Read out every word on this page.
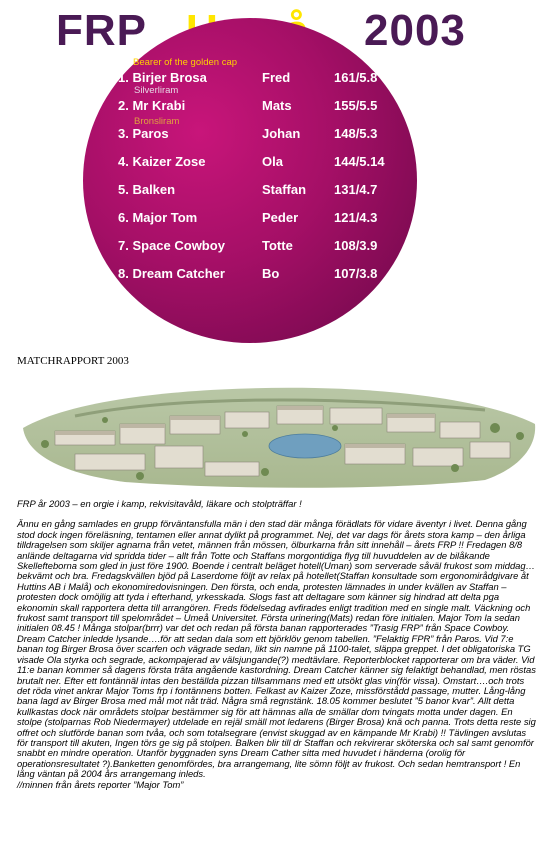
FRP	2003
Bearer of the golden cap
Silverliram
Bronsliram
1. Birjer Brosa	Fred	161/5.8
2. Mr Krabi	Mats	155/5.5
3. Paros	Johan	148/5.3
4. Kaizer Zose	Ola	144/5.14
5. Balken	Staffan 131/4.7
6. Major Tom	Peder	121/4.3
7. Space Cowboy	Totte	108/3.9
8. Dream Catcher	Bo	107/3.8
MATCHRAPPORT 2003

FRP år 2003 – en orgie i kamp, rekvisitavåld, läkare och stolpträffar !

Ännu en gång samlades en grupp förväntansfulla män i den stad där många förädlats för vidare äventyr i livet. Denna gång stod dock ingen föreläsning, tentamen eller annat dylikt på programmet. Nej, det var dags för årets stora kamp – den årliga tilldragelsen som skiljer agnarna från vetet, männen från mössen, ölburkarna från sitt innehåll – årets FRP !! Fredagen 8/8 anlände deltagarna vid spridda tider – allt från Totte och Staffans morgontidiga flyg till huvuddelen av de bilåkande Skellefteborna som gled in just före 1900. Boende i centralt beläget hotell(Uman) som serverade såväl frukost som middag…bekvämt och bra. Fredagskvällen bjöd på Laserdome följt av relax på hotellet(Staffan konsultade som ergonomirådgivare åt Huttins AB i Malå) och ekonomiredovisningen. Den första, och enda, protesten lämnades in under kvällen av Staffan – protesten dock omöjlig att tyda i efterhand, yrkesskada. Slogs fast att deltagare som känner sig hindrad att delta pga ekonomin skall rapportera detta till arrangören. Freds födelsedag avfirades enligt tradition med en single malt. Väckning och frukost samt transport till spelområdet – Umeå Universitet. Första urinering(Mats) redan före initialen. Major Tom la sedan initialen 08.45 ! Många stolpar(brrr) var det och redan på första banan rapporterades ”Trasig FRP” från Space Cowboy. Dream Catcher inledde lysande….för att sedan dala som ett björklöv genom tabellen. ”Felaktig FPR” från Paros. Vid 7:e banan tog Birger Brosa över scarfen och vägrade sedan, likt sin namne på 1100-talet, släppa greppet. I det obligatoriska TG visade Ola styrka och segrade, ackompajerad av välsjungande(?) medtävlare. Reporterblocket rapporterar om bra väder. Vid 11:e banan kommer så dagens första träta angående kastordning. Dream Catcher känner sig felaktigt behandlad, men röstas brutalt ner. Efter ett fontännäl intas den beställda pizzan tillsammans med ett utsökt glas vin(för vissa). Omstart….och trots det röda vinet ankrar Major Toms frp i fontännens botten. Felkast av Kaizer Zoze, missförstådd passage, mutter. Lång-lång bana lagd av Birger Brosa med mål mot nåt träd. Några små regnstänk. 18.05 kommer beslutet ”5 banor kvar”. Allt detta kullkastas dock när områdets stolpar bestämmer sig för att hämnas alla de smällar dom tvingats motta under dagen. En stolpe (stolparnas Rob Niedermayer) utdelade en rejäl smäll mot ledarens (Birger Brosa) knä och panna. Trots detta reste sig offret och slutförde banan som tvåa, och som totalsegrare (envist skuggad av en kämpande Mr Krabi) !! Tävlingen avslutas för transport till akuten, Ingen törs ge sig på stolpen. Balken blir till dr Staffan och rekvirerar sköterska och sal samt genomför snabbt en mindre operation. Utanför byggnaden syns Dream Cather sitta med huvudet i händerna (orolig för operationsresultatet ?).Banketten genomfördes, bra arrangemang, lite sömn följt av frukost. Och sedan hemtransport ! En lång väntan på 2004 års arrangemang inleds.

//minnen från årets reporter ”Major Tom”
